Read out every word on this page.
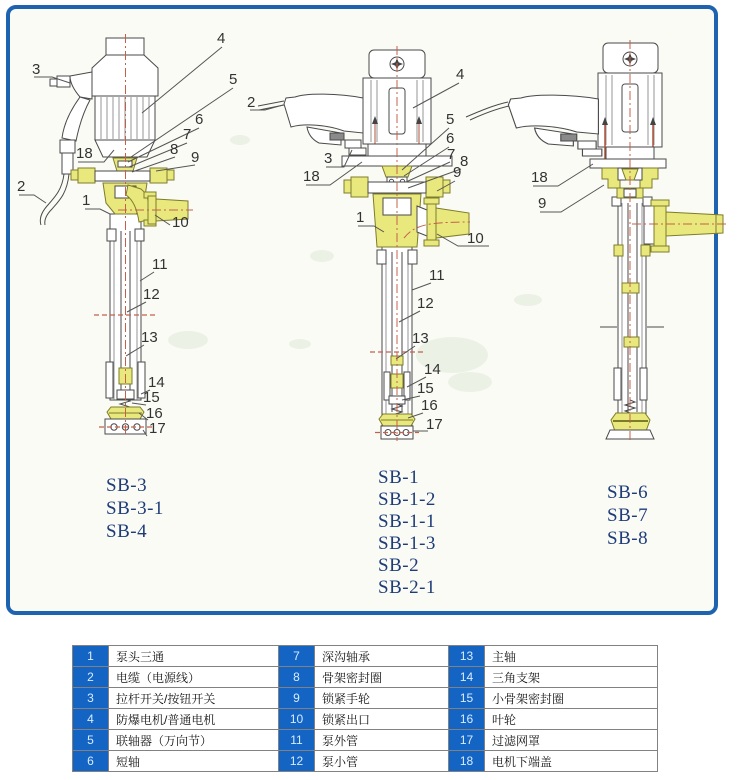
3
4
5
6
7
8 9
18
2
1
10
11
12
13
14
15
16
17
2
4
5
6
7 8
9
3
18
1
10
11
12
13
14
15
16
17
18
9
SB-3
SB-3-1
SB-4
SB-1
SB-1-2
SB-1-1
SB-1-3
SB-2
SB-2-1
SB-6
SB-7
SB-8
1	泵头三通	7	深沟轴承	13	主轴
2	电缆（电源线）	8	骨架密封圈	14	三角支架
3	拉杆开关/按钮开关	9	锁紧手轮	15	小骨架密封圈
4	防爆电机/普通电机	10	锁紧出口	16	叶轮
5	联轴器（万向节）	11	泵外管	17	过滤网罩
6	短轴	12	泵小管	18	电机下端盖
